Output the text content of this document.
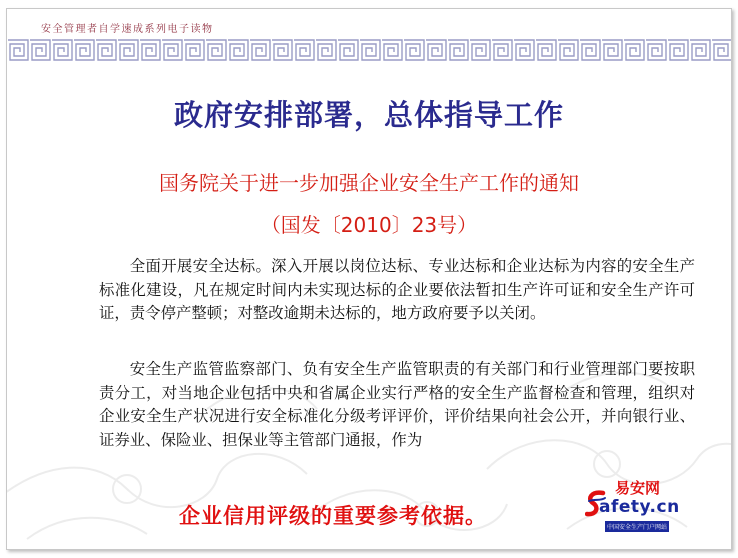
安全管理者自学速成系列电子读物
政府安排部署，总体指导工作
国务院关于进一步加强企业安全生产工作的通知
（国发〔2010〕23号）
全面开展安全达标。深入开展以岗位达标、专业达标和企业达标为内容的安全生产标准化建设，凡在规定时间内未实现达标的企业要依法暂扣生产许可证和安全生产许可证，责令停产整顿；对整改逾期未达标的，地方政府要予以关闭。
安全生产监管监察部门、负有安全生产监管职责的有关部门和行业管理部门要按职责分工，对当地企业包括中央和省属企业实行严格的安全生产监督检查和管理，组织对企业安全生产状况进行安全标准化分级考评评价，评价结果向社会公开，并向银行业、证券业、保险业、担保业等主管部门通报，作为
企业信用评级的重要参考依据。
易安网
afety.cn
中国安全生产门户网站
